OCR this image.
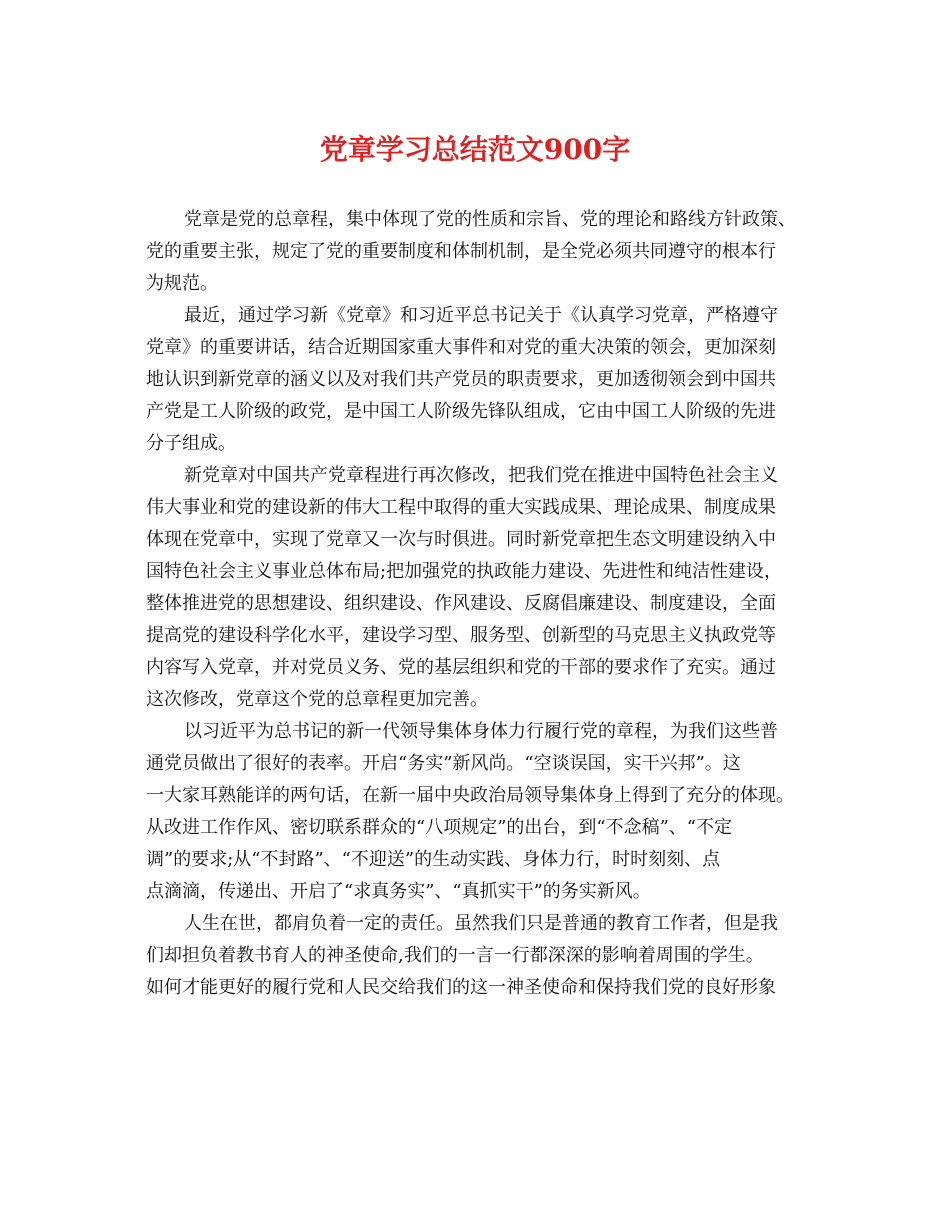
党章学习总结范文900字

党章是党的总章程，集中体现了党的性质和宗旨、党的理论和路线方针政策、
党的重要主张，规定了党的重要制度和体制机制，是全党必须共同遵守的根本行
为规范。

最近，通过学习新《党章》和习近平总书记关于《认真学习党章，严格遵守
党章》的重要讲话，结合近期国家重大事件和对党的重大决策的领会，更加深刻
地认识到新党章的涵义以及对我们共产党员的职责要求，更加透彻领会到中国共
产党是工人阶级的政党，是中国工人阶级先锋队组成，它由中国工人阶级的先进
分子组成。

新党章对中国共产党章程进行再次修改，把我们党在推进中国特色社会主义
伟大事业和党的建设新的伟大工程中取得的重大实践成果、理论成果、制度成果
体现在党章中，实现了党章又一次与时俱进。同时新党章把生态文明建设纳入中
国特色社会主义事业总体布局;把加强党的执政能力建设、先进性和纯洁性建设，
整体推进党的思想建设、组织建设、作风建设、反腐倡廉建设、制度建设，全面
提高党的建设科学化水平，建设学习型、服务型、创新型的马克思主义执政党等
内容写入党章，并对党员义务、党的基层组织和党的干部的要求作了充实。通过
这次修改，党章这个党的总章程更加完善。

以习近平为总书记的新一代领导集体身体力行履行党的章程，为我们这些普
通党员做出了很好的表率。开启“务实”新风尚。“空谈误国，实干兴邦”。这
一大家耳熟能详的两句话，在新一届中央政治局领导集体身上得到了充分的体现。
从改进工作作风、密切联系群众的“八项规定”的出台，到“不念稿”、“不定
调”的要求;从“不封路”、“不迎送”的生动实践、身体力行，时时刻刻、点
点滴滴，传递出、开启了“求真务实”、“真抓实干”的务实新风。

人生在世，都肩负着一定的责任。虽然我们只是普通的教育工作者，但是我
们却担负着教书育人的神圣使命,我们的一言一行都深深的影响着周围的学生。
如何才能更好的履行党和人民交给我们的这一神圣使命和保持我们党的良好形象
